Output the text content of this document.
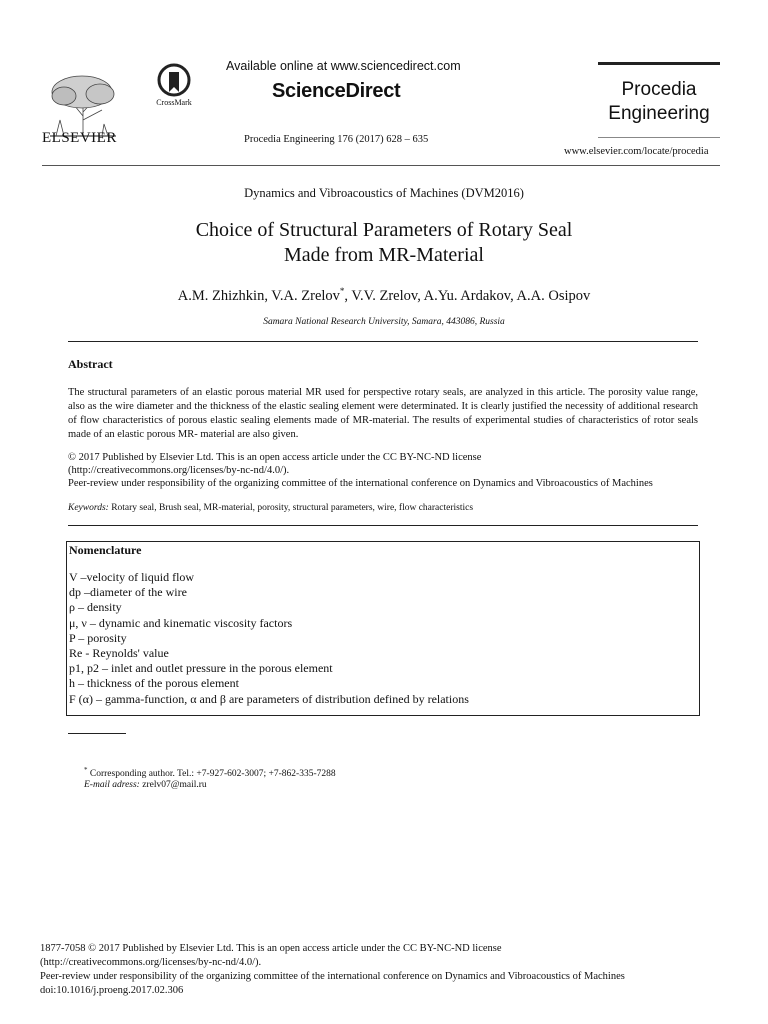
ELSEVIER
CrossMark
Available online at www.sciencedirect.com
ScienceDirect
Procedia Engineering 176 (2017) 628 – 635
Procedia
Engineering
www.elsevier.com/locate/procedia
Dynamics and Vibroacoustics of Machines (DVM2016)
Choice of Structural Parameters of Rotary Seal
Made from MR-Material
A.M. Zhizhkin, V.A. Zrelov*, V.V. Zrelov, A.Yu. Ardakov, A.A. Osipov
Samara National Research University, Samara, 443086, Russia
Abstract
The structural parameters of an elastic porous material MR used for perspective rotary seals, are analyzed in this article. The porosity value range, also as the wire diameter and the thickness of the elastic sealing element were determinated. It is clearly justified the necessity of additional research of flow characteristics of porous elastic sealing elements made of MR-material. The results of experimental studies of characteristics of rotor seals made of an elastic porous MR- material are also given.
© 2017 Published by Elsevier Ltd. This is an open access article under the CC BY-NC-ND license
(http://creativecommons.org/licenses/by-nc-nd/4.0/).
Peer-review under responsibility of the organizing committee of the international conference on Dynamics and Vibroacoustics of Machines
Keywords: Rotary seal, Brush seal, MR-material, porosity, structural parameters, wire, flow characteristics
Nomenclature
V –velocity of liquid flow
dp –diameter of the wire
ρ – density
μ, ν – dynamic and kinematic viscosity factors
P – porosity
Re - Reynolds' value
p1, p2 – inlet and outlet pressure in the porous element
h – thickness of the porous element
F (α) – gamma-function, α and β are parameters of distribution defined by relations
* Corresponding author. Tel.: +7-927-602-3007; +7-862-335-7288
E-mail adress: zrelv07@mail.ru
1877-7058 © 2017 Published by Elsevier Ltd. This is an open access article under the CC BY-NC-ND license
(http://creativecommons.org/licenses/by-nc-nd/4.0/).
Peer-review under responsibility of the organizing committee of the international conference on Dynamics and Vibroacoustics of Machines
doi:10.1016/j.proeng.2017.02.306
